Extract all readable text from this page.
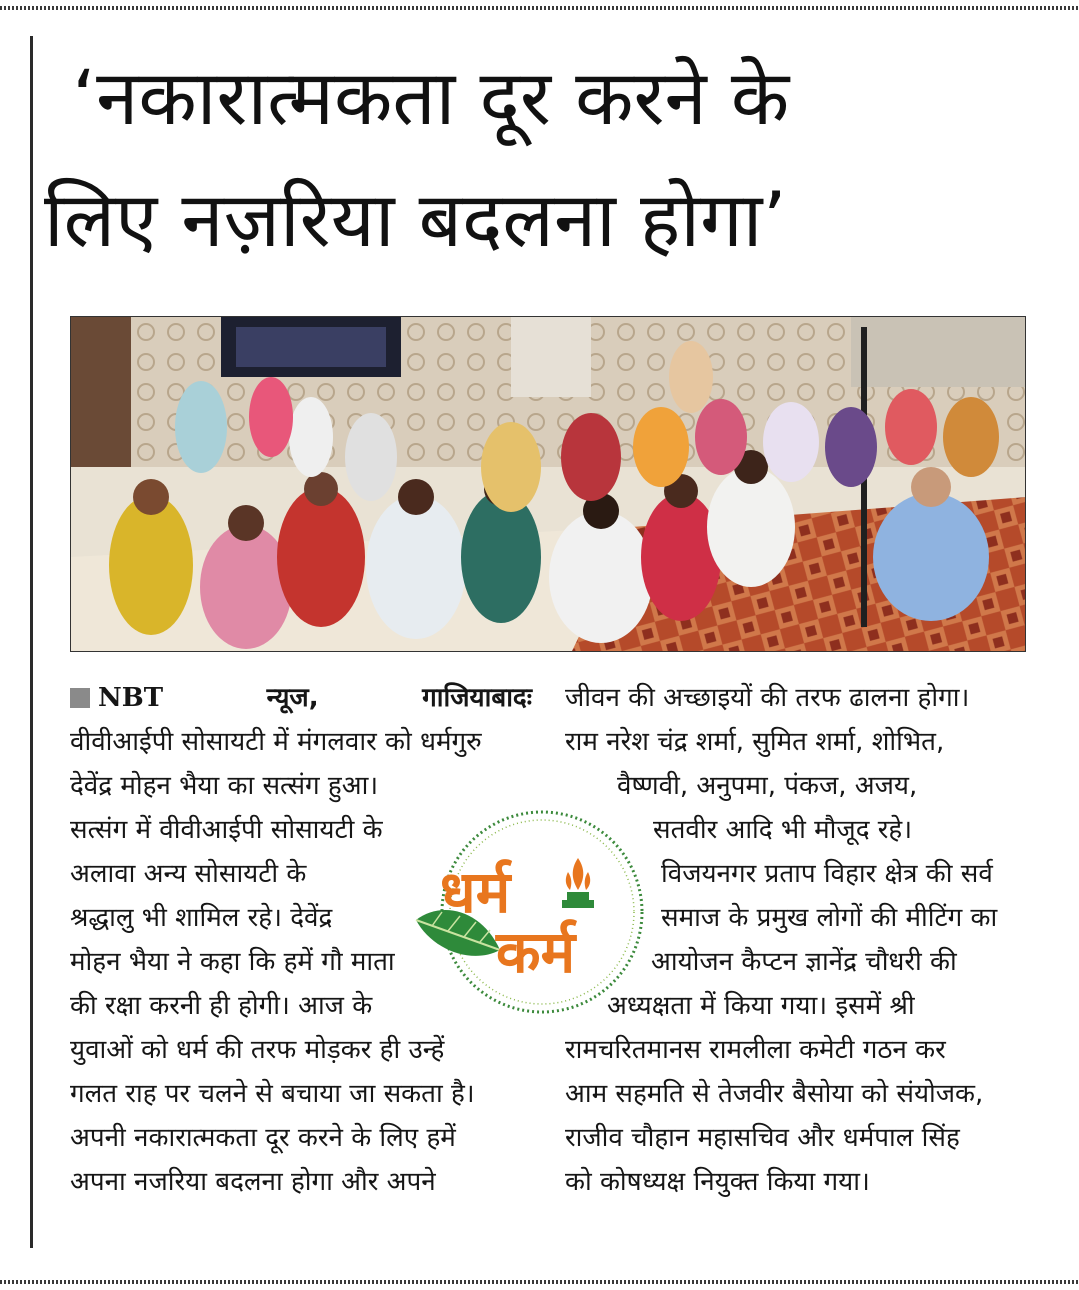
‘नकारात्मकता दूर करने के
लिए नज़रिया बदलना होगा’
NBT	न्यूज,	गाजियाबादः
वीवीआईपी सोसायटी में मंगलवार को धर्मगुरु
देवेंद्र मोहन भैया का सत्संग हुआ।
सत्संग में वीवीआईपी सोसायटी के
अलावा अन्य सोसायटी के
श्रद्धालु भी शामिल रहे। देवेंद्र
मोहन भैया ने कहा कि हमें गौ माता
की रक्षा करनी ही होगी। आज के
युवाओं को धर्म की तरफ मोड़कर ही उन्हें
गलत राह पर चलने से बचाया जा सकता है।
अपनी नकारात्मकता दूर करने के लिए हमें
अपना नजरिया बदलना होगा और अपने
जीवन की अच्छाइयों की तरफ ढालना होगा।
राम नरेश चंद्र शर्मा, सुमित शर्मा, शोभित,
वैष्णवी, अनुपमा, पंकज, अजय,
सतवीर आदि भी मौजूद रहे।
विजयनगर प्रताप विहार क्षेत्र की सर्व
समाज के प्रमुख लोगों की मीटिंग का
आयोजन कैप्टन ज्ञानेंद्र चौधरी की
अध्यक्षता में किया गया। इसमें श्री
रामचरितमानस रामलीला कमेटी गठन कर
आम सहमति से तेजवीर बैसोया को संयोजक,
राजीव चौहान महासचिव और धर्मपाल सिंह
को कोषध्यक्ष नियुक्त किया गया।
धर्म
कर्म
